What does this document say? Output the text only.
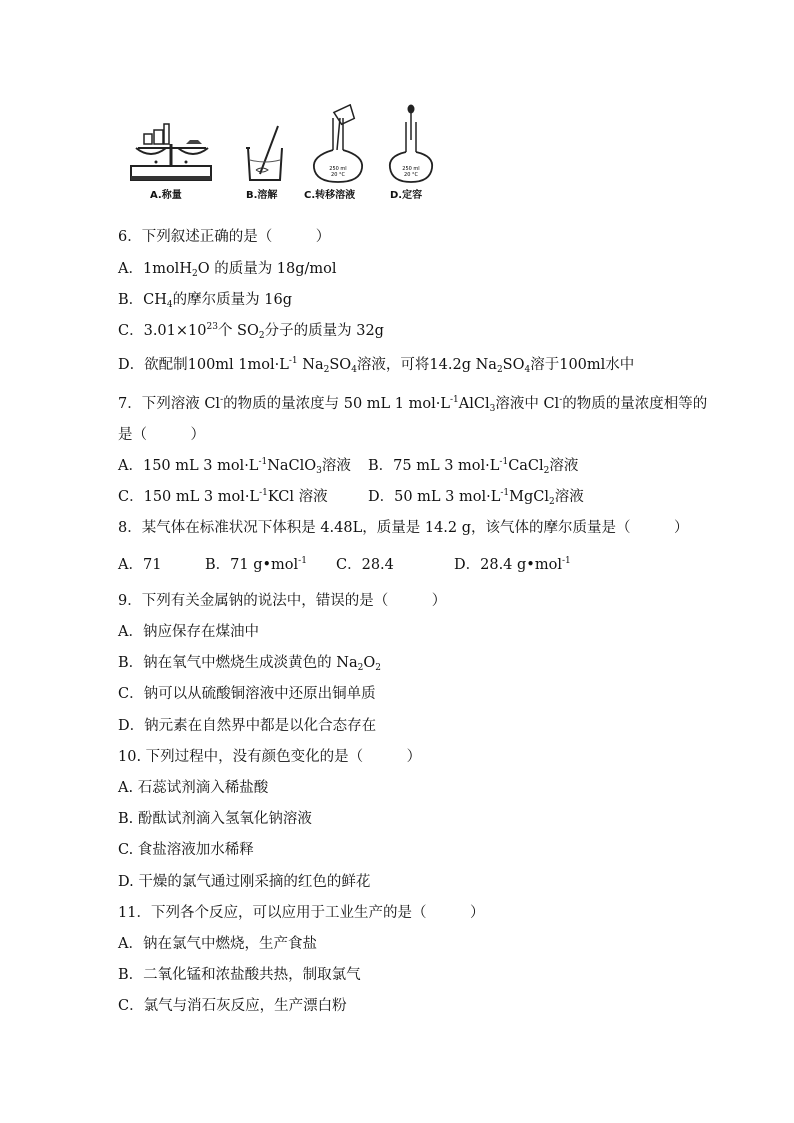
A.称量	B.溶解
250 ml
20 °C
C.转移溶液
250 ml
20 °C
D.定容
6．下列叙述正确的是（　　　）
A．1molH$_2$O 的质量为 18g/mol
B．$CH_4$的摩尔质量为 16g
C．$3.01\times 10^{23}$个 $SO_2$分子的质量为 32g
D．欲配制100ml $1mol\cdot L^{-1}$ $Na_2SO_4$溶液，可将14.2g $Na_2SO_4$溶于100ml水中
7．下列溶液 Cl-的物质的量浓度与 50 mL 1 $mol\cdot L^{-1}AlCl_3$溶液中 Cl-的物质的量浓度相等的
是（　　　）
A．150 mL 3 $mol\cdot L^{-1}NaClO_3$溶液 B．75 mL 3 $mol\cdot L^{-1}CaCl_2$溶液
C．150 mL 3 $mol\cdot L^{-1}KCl$ 溶液	D．50 mL 3 $mol\cdot L^{-1}MgCl_2$溶液
8．某气体在标准状况下体积是 4.48L，质量是 14.2 g，该气体的摩尔质量是（　　　）
A．71	B．71 g•mol$^{-1}$ C．28.4	D．28.4 g•mol$^{-1}$
9．下列有关金属钠的说法中，错误的是（　　　）
A．钠应保存在煤油中
B．钠在氧气中燃烧生成淡黄色的 $Na_2O_2$
C．钠可以从硫酸铜溶液中还原出铜单质
D．钠元素在自然界中都是以化合态存在
10. 下列过程中，没有颜色变化的是（　　　）
A. 石蕊试剂滴入稀盐酸
B. 酚酞试剂滴入氢氧化钠溶液
C. 食盐溶液加水稀释
D. 干燥的氯气通过刚采摘的红色的鲜花
11．下列各个反应，可以应用于工业生产的是（　　　）
A．钠在氯气中燃烧，生产食盐
B．二氧化锰和浓盐酸共热，制取氯气
C．氯气与消石灰反应，生产漂白粉
